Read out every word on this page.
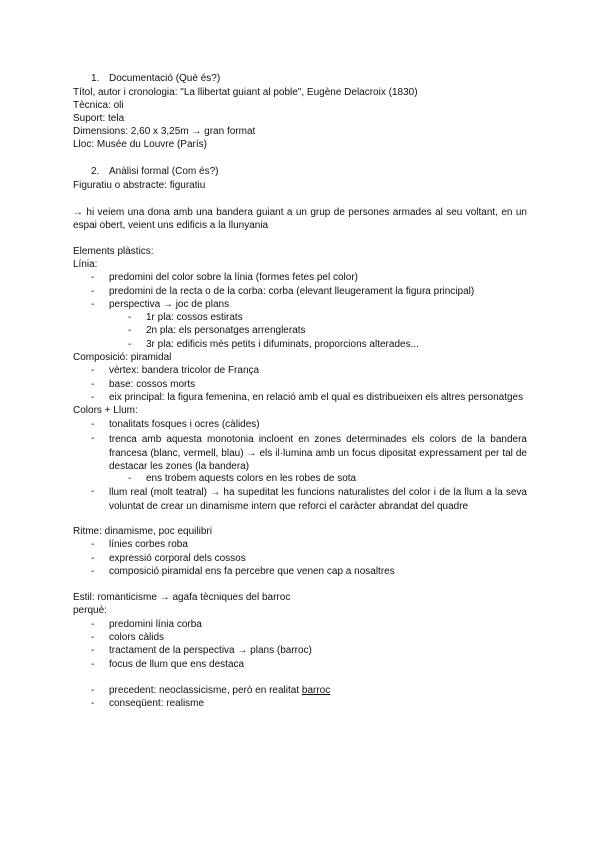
1. Documentació (Què és?)
Títol, autor i cronologia: "La llibertat guiant al poble", Eugène Delacroix (1830)
Tècnica: oli
Suport: tela
Dimensions: 2,60 x 3,25m → gran format
Lloc: Musée du Louvre (París)
2. Anàlisi formal (Com és?)
Figuratiu o abstracte: figuratiu
→ hi veiem una dona amb una bandera guiant a un grup de persones armades al seu voltant, en un espai obert, veient uns edificis a la llunyania
Elements plàstics:
Línia:
- predomini del color sobre la línia (formes fetes pel color)
- predomini de la recta o de la corba: corba (elevant lleugerament la figura principal)
- perspectiva → joc de plans
- 1r pla: cossos estirats
- 2n pla: els personatges arrenglerats
- 3r pla: edificis més petits i difuminats, proporcions alterades...
Composició: piramidal
- vèrtex: bandera tricolor de França
- base: cossos morts
- eix principal: la figura femenina, en relació amb el qual es distribueixen els altres personatges
Colors + Llum:
- tonalitats fosques i ocres (càlides)
- trenca amb aquesta monotonia incloent en zones determinades els colors de la bandera francesa (blanc, vermell, blau) → els il·lumina amb un focus dipositat expressament per tal de destacar les zones (la bandera)
- ens trobem aquests colors en les robes de sota
- llum real (molt teatral) → ha supeditat les funcions naturalistes del color i de la llum a la seva voluntat de crear un dinamisme intern que reforci el caràcter abrandat del quadre
Ritme: dinamisme, poc equilibri
- línies corbes roba
- expressió corporal dels cossos
- composició piramidal ens fa percebre que venen cap a nosaltres
Estil: romanticisme → agafa tècniques del barroc
perquè:
- predomini línia corba
- colors càlids
- tractament de la perspectiva → plans (barroc)
- focus de llum que ens destaca
- precedent: neoclassicisme, però en realitat barroc
- conseqüent: realisme
